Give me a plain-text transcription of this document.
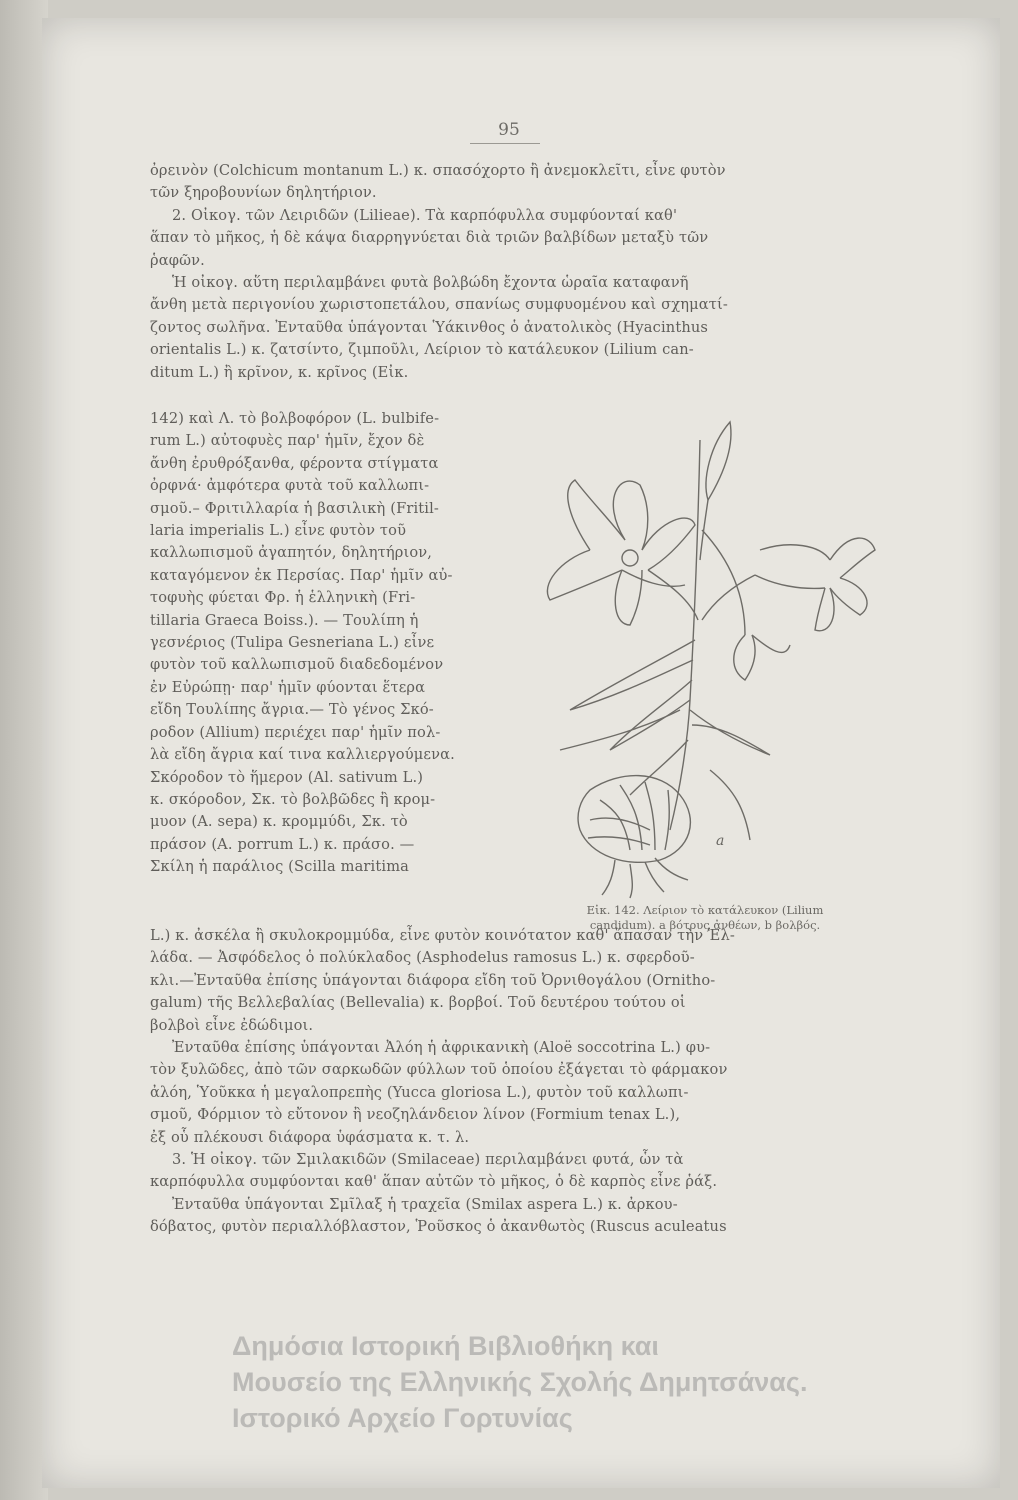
95
ὀρεινὸν (Colchicum montanum L.) κ. σπασόχορτο ἢ ἀνεμοκλεῖτι, εἶνε φυτὸν
τῶν ξηροβουνίων δηλητήριον.
2. Οἰκογ. τῶν Λειριδῶν (Liliеae). Τὰ καρπόφυλλα συμφύονταί καθ'
ἅπαν τὸ μῆκος, ἡ δὲ κάψα διαρρηγνύεται διὰ τριῶν βαλβίδων μεταξὺ τῶν
ῥαφῶν.
Ἡ οἰκογ. αὕτη περιλαμβάνει φυτὰ βολβώδη ἔχοντα ὡραῖα καταφανῆ
ἄνθη μετὰ περιγονίου χωριστοπετάλου, σπανίως συμφυομένου καὶ σχηματί-
ζοντος σωλῆνα. Ἐνταῦθα ὑπάγονται Ὑάκινθος ὁ ἀνατολικὸς (Hyacinthus
orientalis L.) κ. ζατσίντο, ζιμποῦλι, Λείριον τὸ κατάλευκον (Lilium can-
ditum L.) ἢ κρῖνον, κ. κρῖνος (Εἰκ.
142) καὶ Λ. τὸ βολβοφόρον (L. bulbife-
rum L.) αὐτοφυὲς παρ' ἡμῖν, ἔχον δὲ
ἄνθη ἐρυθρόξανθα, φέροντα στίγματα
ὀρφνά· ἀμφότερα φυτὰ τοῦ καλλωπι-
σμοῦ.– Φριτιλλαρία ἡ βασιλικὴ (Fritil-
laria imperialis L.) εἶνε φυτὸν τοῦ
καλλωπισμοῦ ἀγαπητόν, δηλητήριον,
καταγόμενον ἐκ Περσίας. Παρ' ἡμῖν αὐ-
τοφυὴς φύεται Φρ. ἡ ἑλληνικὴ (Fri-
tillaria Graeca Boiss.). — Τουλίπη ἡ
γεσνέριος (Tulipa Gesneriana L.) εἶνε
φυτὸν τοῦ καλλωπισμοῦ διαδεδομένον
ἐν Εὐρώπῃ· παρ' ἡμῖν φύονται ἕτερα
εἴδη Τουλίπης ἄγρια.— Τὸ γένος Σκό-
ροδον (Allium) περιέχει παρ' ἡμῖν πολ-
λὰ εἴδη ἄγρια καί τινα καλλιεργούμενα.
Σκόροδον τὸ ἥμερον (Al. sativum L.)
κ. σκόροδον, Σκ. τὸ βολβῶδες ἢ κρομ-
μυον (A. sepa) κ. κρομμύδι, Σκ. τὸ
πράσον (A. porrum L.) κ. πράσο. —
Σκίλη ἡ παράλιος (Scilla maritima
a
Εἰκ. 142. Λείριον τὸ κατάλευκον (Lilium
candidum). a βότρυς ἀνθέων, b βολβός.
L.) κ. ἀσκέλα ἢ σκυλοκρομμύδα, εἶνε φυτὸν κοινότατον καθ' ἅπασαν τὴν Ἑλ-
λάδα. — Ἀσφόδελος ὁ πολύκλαδος (Asphodelus ramosus L.) κ. σφερδοῦ-
κλι.—Ἐνταῦθα ἐπίσης ὑπάγονται διάφορα εἴδη τοῦ Ὀρνιθογάλου (Ornitho-
galum) τῆς Βελλεβαλίας (Bellevalia) κ. βορβοί. Τοῦ δευτέρου τούτου οἱ
βολβοὶ εἶνε ἐδώδιμοι.
Ἐνταῦθα ἐπίσης ὑπάγονται Ἀλόη ἡ ἀφρικανικὴ (Aloë soccotrina L.) φυ-
τὸν ξυλῶδες, ἀπὸ τῶν σαρκωδῶν φύλλων τοῦ ὁποίου ἐξάγεται τὸ φάρμακον
ἀλόη, Ὑοῦκκα ἡ μεγαλοπρεπὴς (Yucca gloriosa L.), φυτὸν τοῦ καλλωπι-
σμοῦ, Φόρμιον τὸ εὔτονον ἢ νεοζηλάνδειον λίνον (Formium tenax L.),
ἐξ οὗ πλέκουσι διάφορα ὑφάσματα κ. τ. λ.
3. Ἡ οἰκογ. τῶν Σμιλακιδῶν (Smilaceae) περιλαμβάνει φυτά, ὧν τὰ
καρπόφυλλα συμφύονται καθ' ἅπαν αὐτῶν τὸ μῆκος, ὁ δὲ καρπὸς εἶνε ῥάξ.
Ἐνταῦθα ὑπάγονται Σμῖλαξ ἡ τραχεῖα (Smilax aspera L.) κ. ἀρκου-
δόβατος, φυτὸν περιαλλόβλαστον, Ῥοῦσκος ὁ ἀκανθωτὸς (Ruscus aculeatus
Δημόσια Ιστορική Βιβλιοθήκη και
Μουσείο της Ελληνικής Σχολής Δημητσάνας.
Ιστορικό Αρχείο Γορτυνίας
